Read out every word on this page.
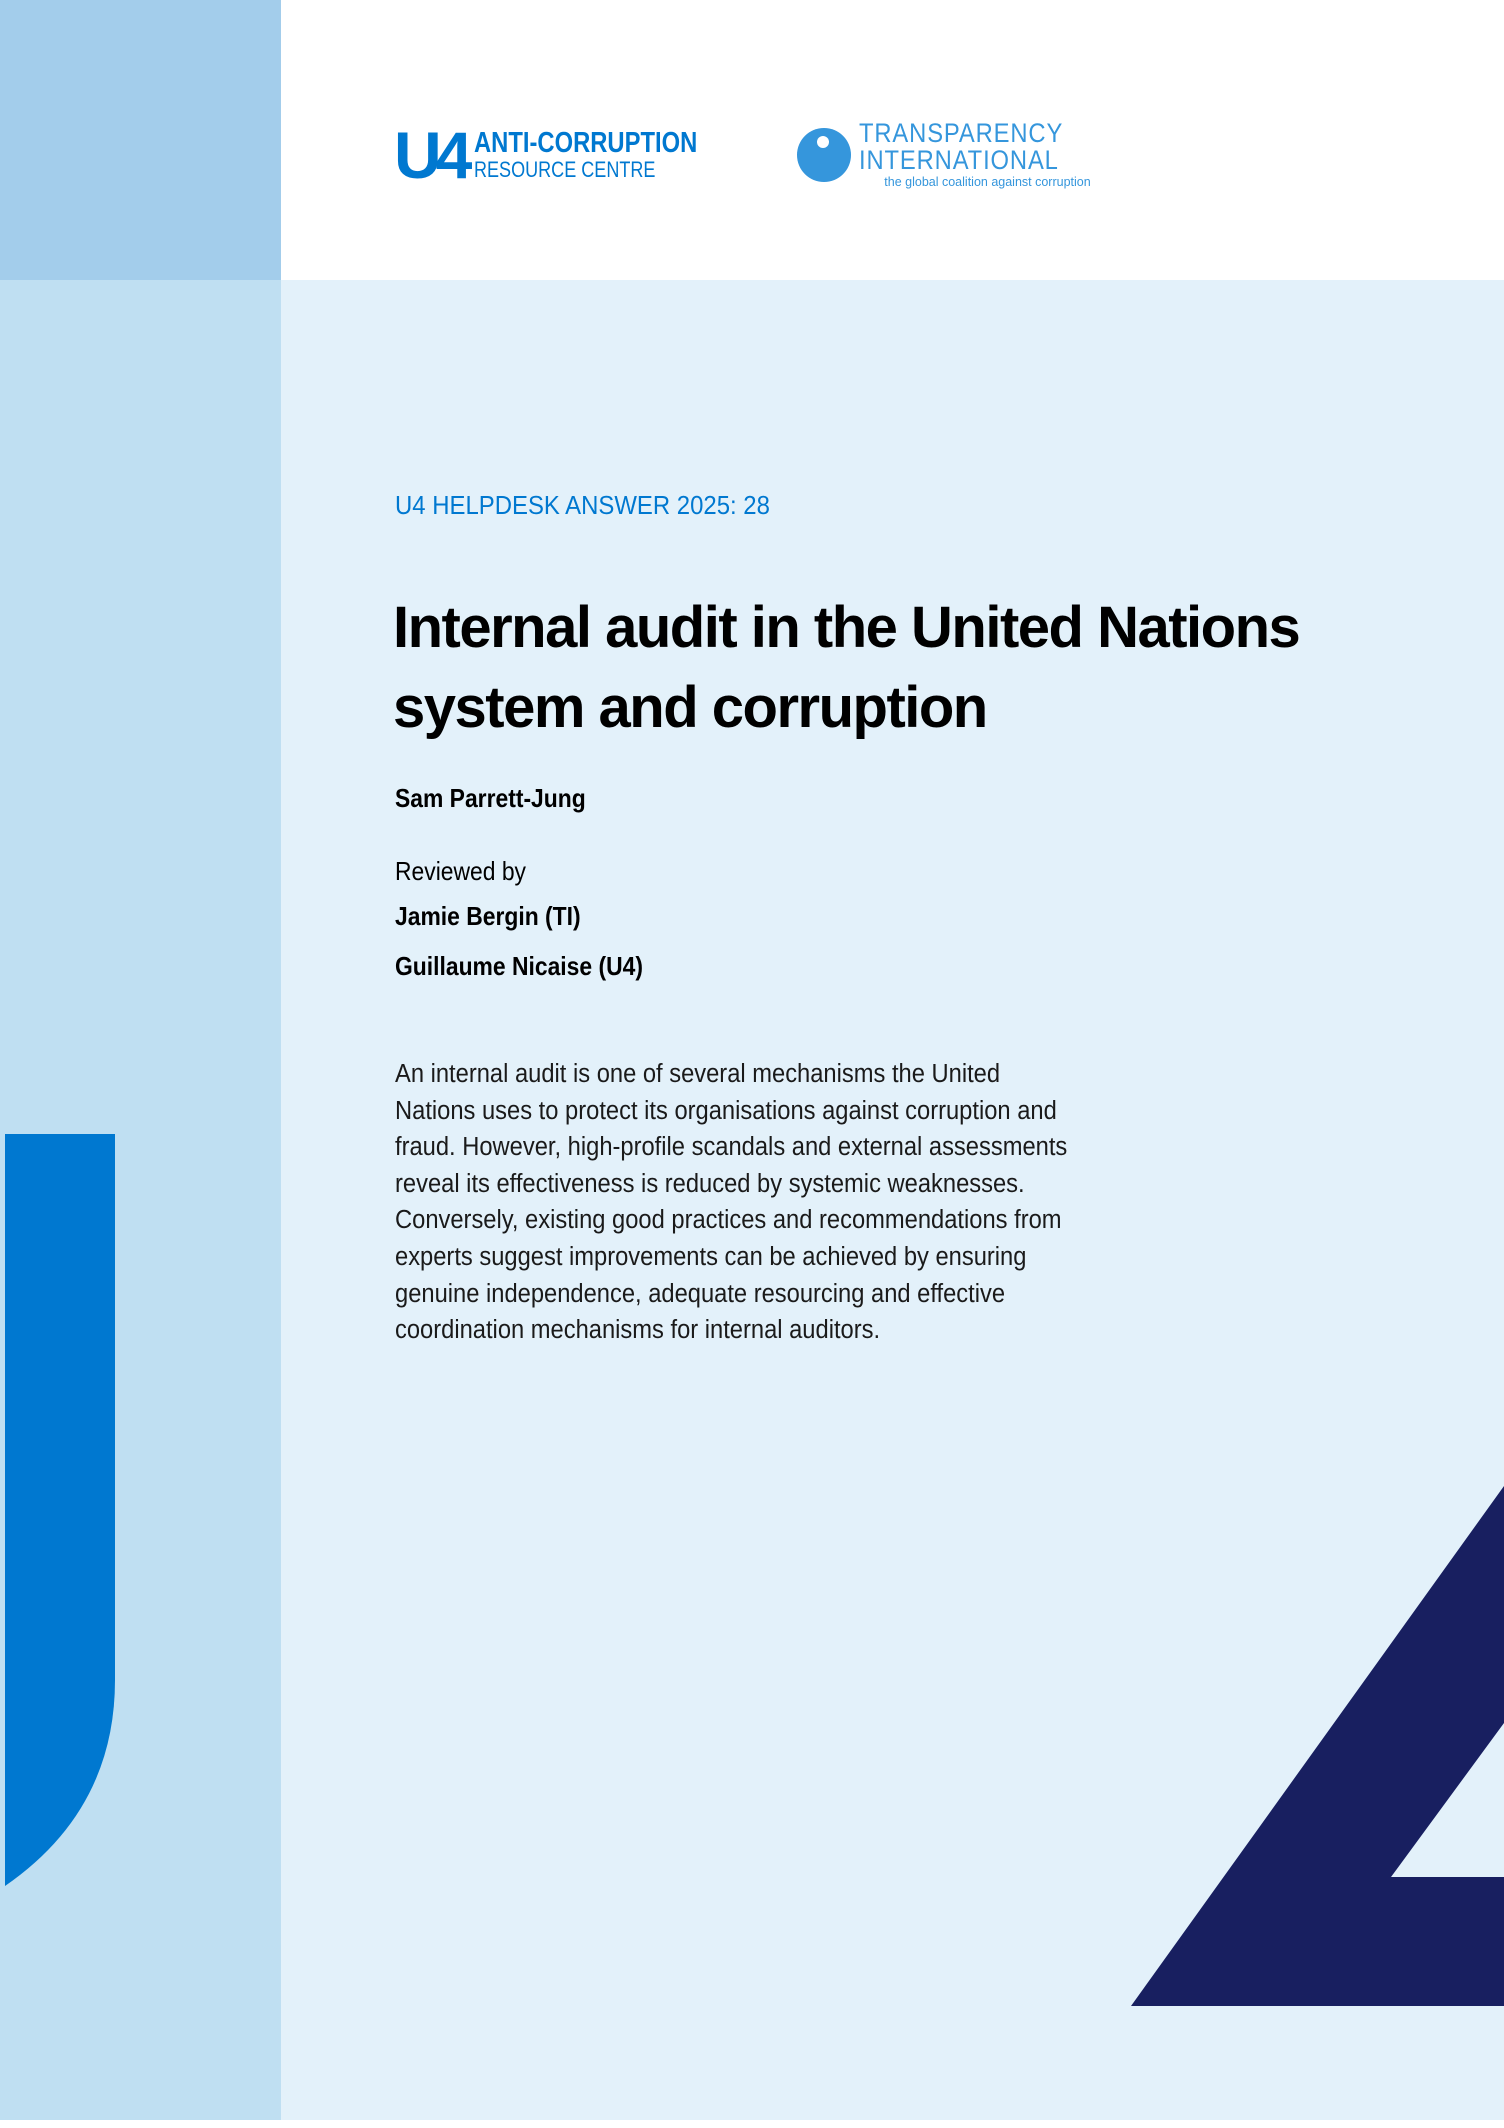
U4 ANTI-CORRUPTION
RESOURCE CENTRE
TRANSPARENCY
INTERNATIONAL
the global coalition against corruption
U4 HELPDESK ANSWER 2025: 28
Internal audit in the United Nations
system and corruption
Sam Parrett-Jung
Reviewed by
Jamie Bergin (TI)
Guillaume Nicaise (U4)
An internal audit is one of several mechanisms the United
Nations uses to protect its organisations against corruption and
fraud. However, high-profile scandals and external assessments
reveal its effectiveness is reduced by systemic weaknesses.
Conversely, existing good practices and recommendations from
experts suggest improvements can be achieved by ensuring
genuine independence, adequate resourcing and effective
coordination mechanisms for internal auditors.
